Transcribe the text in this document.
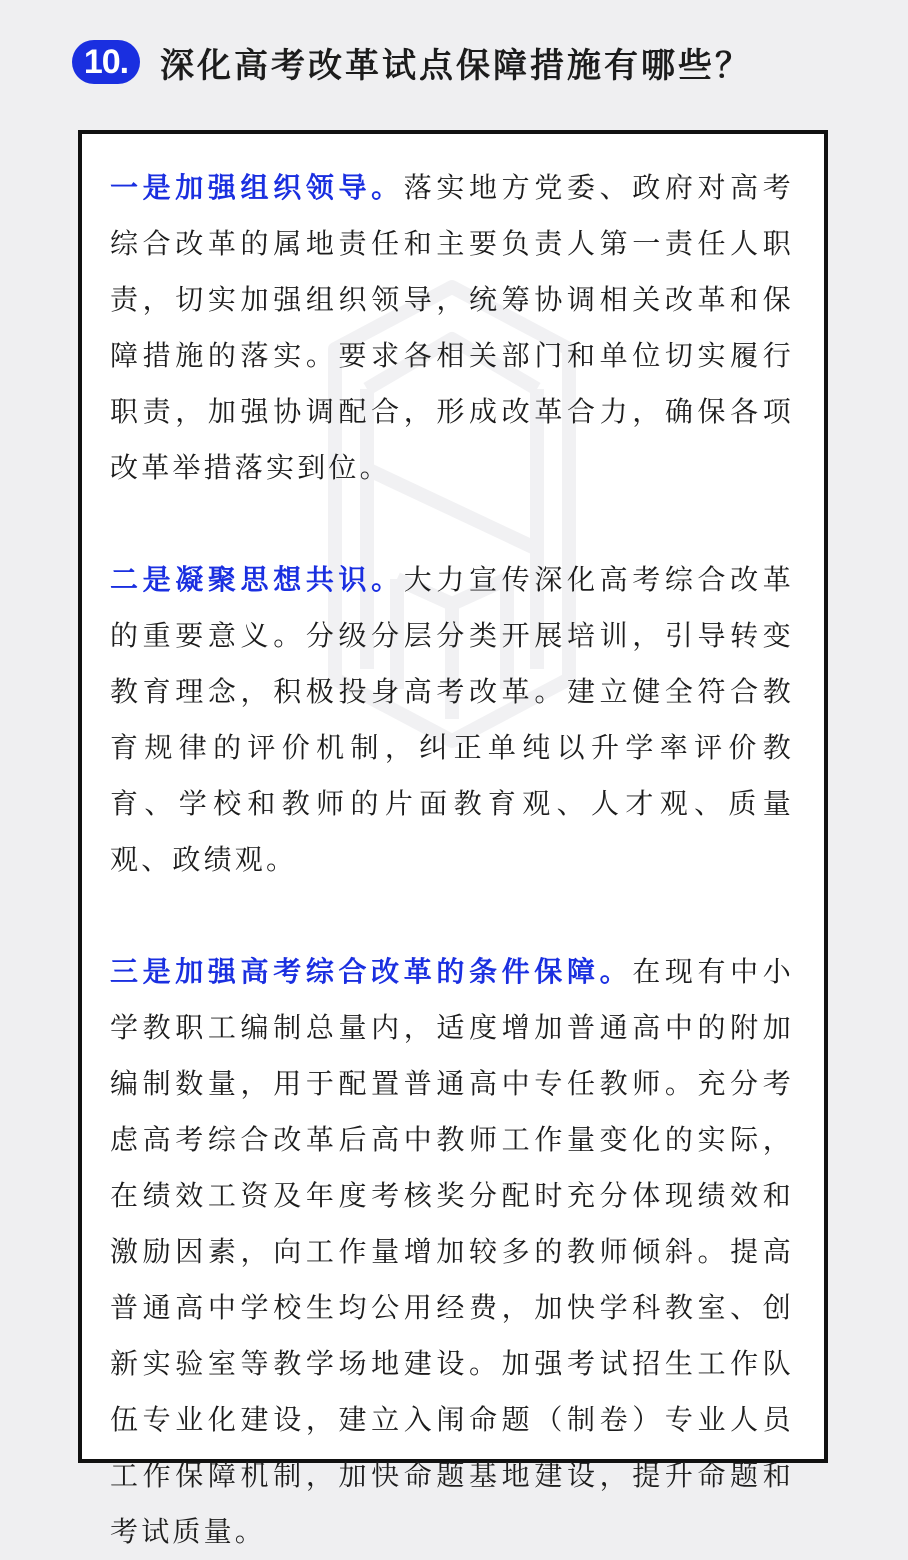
10. 深化高考改革试点保障措施有哪些？

一是加强组织领导。落实地方党委、政府对高考综合改革的属地责任和主要负责人第一责任人职责，切实加强组织领导，统筹协调相关改革和保障措施的落实。要求各相关部门和单位切实履行职责，加强协调配合，形成改革合力，确保各项改革举措落实到位。

二是凝聚思想共识。大力宣传深化高考综合改革的重要意义。分级分层分类开展培训，引导转变教育理念，积极投身高考改革。建立健全符合教育规律的评价机制，纠正单纯以升学率评价教育、学校和教师的片面教育观、人才观、质量观、政绩观。

三是加强高考综合改革的条件保障。在现有中小学教职工编制总量内，适度增加普通高中的附加编制数量，用于配置普通高中专任教师。充分考虑高考综合改革后高中教师工作量变化的实际，在绩效工资及年度考核奖分配时充分体现绩效和激励因素，向工作量增加较多的教师倾斜。提高普通高中学校生均公用经费，加快学科教室、创新实验室等教学场地建设。加强考试招生工作队伍专业化建设，建立入闱命题（制卷）专业人员工作保障机制，加快命题基地建设，提升命题和考试质量。
